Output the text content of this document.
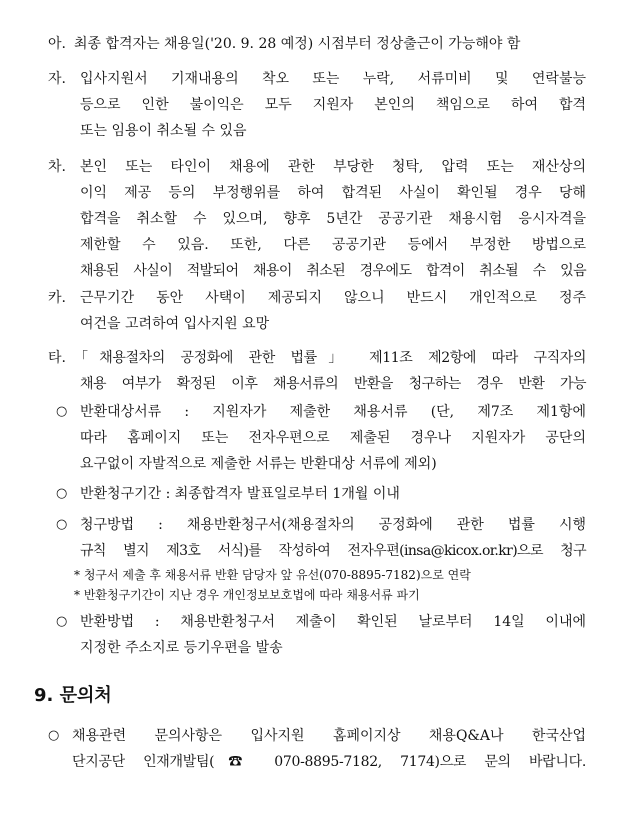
아. 최종 합격자는 채용일('20. 9. 28 예정) 시점부터 정상출근이 가능해야 함
자.	입사지원서 기재내용의 착오 또는 누락, 서류미비 및 연락불능
등으로 인한 불이익은 모두 지원자 본인의 책임으로 하여 합격
또는 임용이 취소될 수 있음
차.	본인 또는 타인이 채용에 관한 부당한 청탁, 압력 또는 재산상의
이익 제공 등의 부정행위를 하여 합격된 사실이 확인될 경우 당해
합격을 취소할 수 있으며, 향후 5년간 공공기관 채용시험 응시자격을
제한할 수 있음. 또한, 다른 공공기관 등에서 부정한 방법으로
채용된 사실이 적발되어 채용이 취소된 경우에도 합격이 취소될 수 있음
카.	근무기간 동안 사택이 제공되지 않으니 반드시 개인적으로 정주
여건을 고려하여 입사지원 요망
타. 「채용절차의 공정화에 관한 법률」 제11조 제2항에 따라 구직자의
채용 여부가 확정된 이후 채용서류의 반환을 청구하는 경우 반환 가능
○ 반환대상서류 : 지원자가 제출한 채용서류 (단, 제7조 제1항에
따라 홈페이지 또는 전자우편으로 제출된 경우나 지원자가 공단의
요구없이 자발적으로 제출한 서류는 반환대상 서류에 제외)
○ 반환청구기간 : 최종합격자 발표일로부터 1개월 이내
○ 청구방법 : 채용반환청구서(채용절차의 공정화에 관한 법률 시행
규칙 별지 제3호 서식)를 작성하여 전자우편(insa@kicox.or.kr)으로 청구
* 청구서 제출 후 채용서류 반환 담당자 앞 유선(070-8895-7182)으로 연락
* 반환청구기간이 지난 경우 개인정보보호법에 따라 채용서류 파기
○ 반환방법 : 채용반환청구서 제출이 확인된 날로부터 14일 이내에
지정한 주소지로 등기우편을 발송
9. 문의처
○ 채용관련 문의사항은 입사지원 홈페이지상 채용Q&A나 한국산업
단지공단 인재개발팀(☎ 070-8895-7182, 7174)으로 문의 바랍니다.
